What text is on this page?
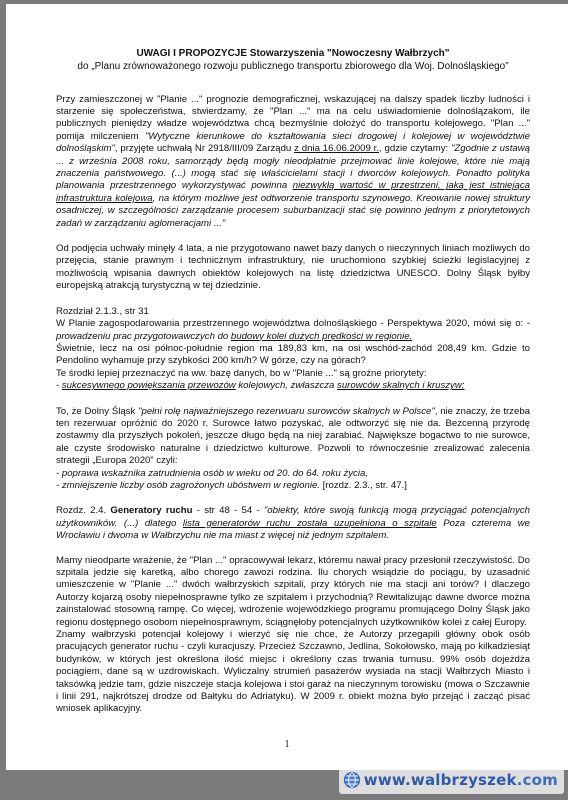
UWAGI I PROPOZYCJE Stowarzyszenia "Nowoczesny Wałbrzych"
do „Planu zrównoważonego rozwoju publicznego transportu zbiorowego dla Woj. Dolnośląskiego”

Przy zamieszczonej w "Planie ..." prognozie demograficznej, wskazującej na dalszy spadek liczby ludności i starzenie się społeczeństwa, stwierdzamy, że "Plan ..." ma na celu uświadomienie dolnoślązakom, ile publicznych pieniędzy władze województwa chcą bezmyślnie dołożyć do transportu kolejowego. "Plan ..." pomija milczeniem "Wytyczne kierunkowe do kształtowania sieci drogowej i kolejowej w województwie dolnośląskim", przyjęte uchwałą Nr 2918/III/09 Zarządu z dnia 16.06.2009 r., gdzie czytamy: "Zgodnie z ustawą ... z września 2008 roku, samorządy będą mogły nieodpłatnie przejmować linie kolejowe, które nie mają znaczenia państwowego. (...) mogą stać się właścicielami stacji i dworców kolejowych. Ponadto polityka planowania przestrzennego wykorzystywać powinna niezwykłą wartość w przestrzeni, jaką jest istniejąca infrastruktura kolejowa, na którym możliwe jest odtworzenie transportu szynowego. Kreowanie nowej struktury osadniczej, w szczególności zarządzanie procesem suburbanizacji stać się powinno jednym z priorytetowych zadań w zarządzaniu aglomeracjami ..."

Od podjęcia uchwały minęły 4 lata, a nie przygotowano nawet bazy danych o nieczynnych liniach możliwych do przejęcia, stanie prawnym i technicznym infrastruktury, nie uruchomiono szybkiej ścieżki legislacyjnej z możliwością wpisania dawnych obiektów kolejowych na listę dziedzictwa UNESCO. Dolny Śląsk byłby europejską atrakcją turystyczną w tej dziedzinie.

Rozdział 2.1.3., str 31
W Planie zagospodarowania przestrzennego województwa dolnośląskiego - Perspektywa 2020, mówi się o: - prowadzeniu prac przygotowawczych do budowy kolei dużych prędkości w regionie.
Świetnie, lecz na osi północ-południe region ma 189,83 km, na osi wschód-zachód 208,49 km. Gdzie to Pendolino wyhamuje przy szybkości 200 km/h? W górze, czy na górach?
Te środki lepiej przeznaczyć na ww. bazę danych, bo w "Planie ..." są groźne priorytety:
- sukcesywnego powiększania przewozów kolejowych, zwłaszcza surowców skalnych i kruszyw;

To, że Dolny Śląsk "pełni rolę najważniejszego rezerwuaru surowców skalnych w Polsce", nie znaczy, że trzeba ten rezerwuar opróżnić do 2020 r. Surowce łatwo pozyskać, ale odtworzyć się nie da. Bezcenną przyrodę zostawmy dla przyszłych pokoleń, jeszcze długo będą na niej zarabiać. Największe bogactwo to nie surowce, ale czyste środowisko naturalne i dziedzictwo kulturowe. Pozwoli to równocześnie zrealizować zalecenia strategii „Europa 2020” czyli:
- poprawa wskaźnika zatrudnienia osób w wieku od 20. do 64. roku życia,
- zmniejszenie liczby osób zagrożonych ubóstwem w regionie. [rozdz. 2.3., str. 47.]

Rozdz. 2.4. Generatory ruchu - str 48 - 54 - "obiekty, które swoją funkcją mogą przyciągać potencjalnych użytkowników. (...) dlatego lista generatorów ruchu została uzupełniona o szpitale Poza czterema we Wrocławiu i dwoma w Wałbrzychu nie ma miast z więcej niż jednym szpitalem.

Mamy nieodparte wrażenie, że "Plan ..." opracowywał lekarz, któremu nawał pracy przesłonił rzeczywistość. Do szpitala jedzie się karetką, albo chorego zawozi rodzina. Ilu chorych wsiądzie do pociągu, by uzasadnić umieszczenie w "Planie ..." dwóch wałbrzyskich szpitali, przy których nie ma stacji ani torów? I dlaczego Autorzy kojarzą osoby niepełnosprawne tylko ze szpitalem i przychodnią? Rewitalizując dawne dworce można zainstalować stosowną rampę. Co więcej, wdrożenie wojewódzkiego programu promującego Dolny Śląsk jako regionu dostępnego osobom niepełnosprawnym, ściągnęłoby potencjalnych użytkowników kolei z całej Europy.
Znamy wałbrzyski potencjał kolejowy i wierzyć się nie chce, że Autorzy przegapili główny obok osób pracujących generator ruchu - czyli kuracjuszy. Przecież Szczawno, Jedlina, Sokołowsko, mają po kilkadziesiąt budynków, w których jest określona ilość miejsc i określony czas trwania turnusu. 99% osób dojeżdża pociągiem, dane są w uzdrowiskach. Wyliczalny strumień pasażerów wysiada na stacji Wałbrzych Miasto i taksówką jedzie tam, gdzie niszczeje stacja kolejowa i stoi garaż na nieczynnym torowisku (mowa o Szczawnie i linii 291, najkrótszej drodze od Bałtyku do Adriatyku). W 2009 r. obiekt można było przejąć i zacząć pisać wniosek aplikacyjny.

1
www.walbrzyszek.com
